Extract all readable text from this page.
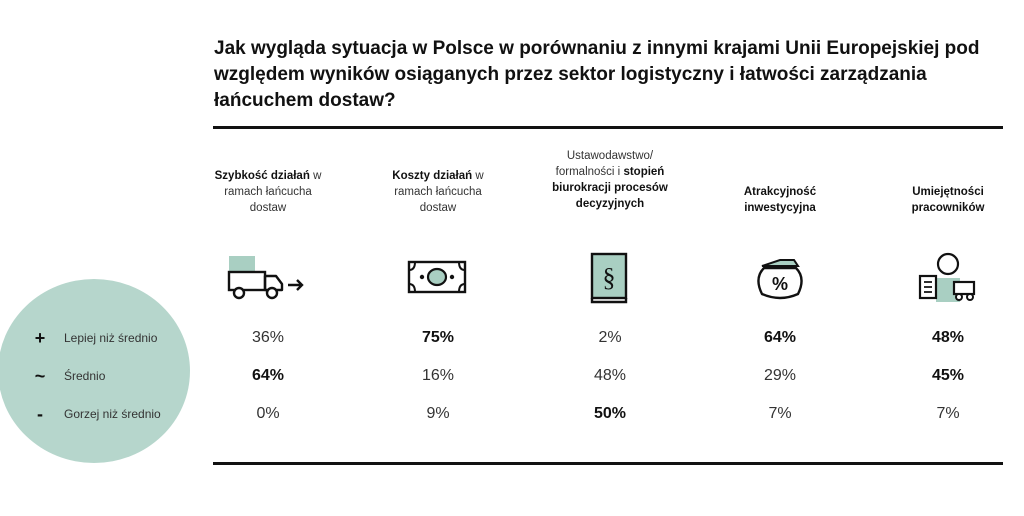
Jak wygląda sytuacja w Polsce w porównaniu z innymi krajami Unii Europejskiej pod względem wyników osiąganych przez sektor logistyczny i łatwości zarządzania łańcuchem dostaw?
+ Lepiej niż średnio
~ Średnio
-	Gorzej niż średnio
Szybkość działań w ramach łańcucha dostaw
Koszty działań w ramach łańcucha dostaw
Ustawodawstwo/ formalności i stopień biurokracji procesów decyzyjnych
§
Atrakcyjność inwestycyjna
%
Umiejętności pracowników
36%
64%
0%
75%
16%
9%
2%
48%
50%
64%
29%
7%
48%
45%
7%
